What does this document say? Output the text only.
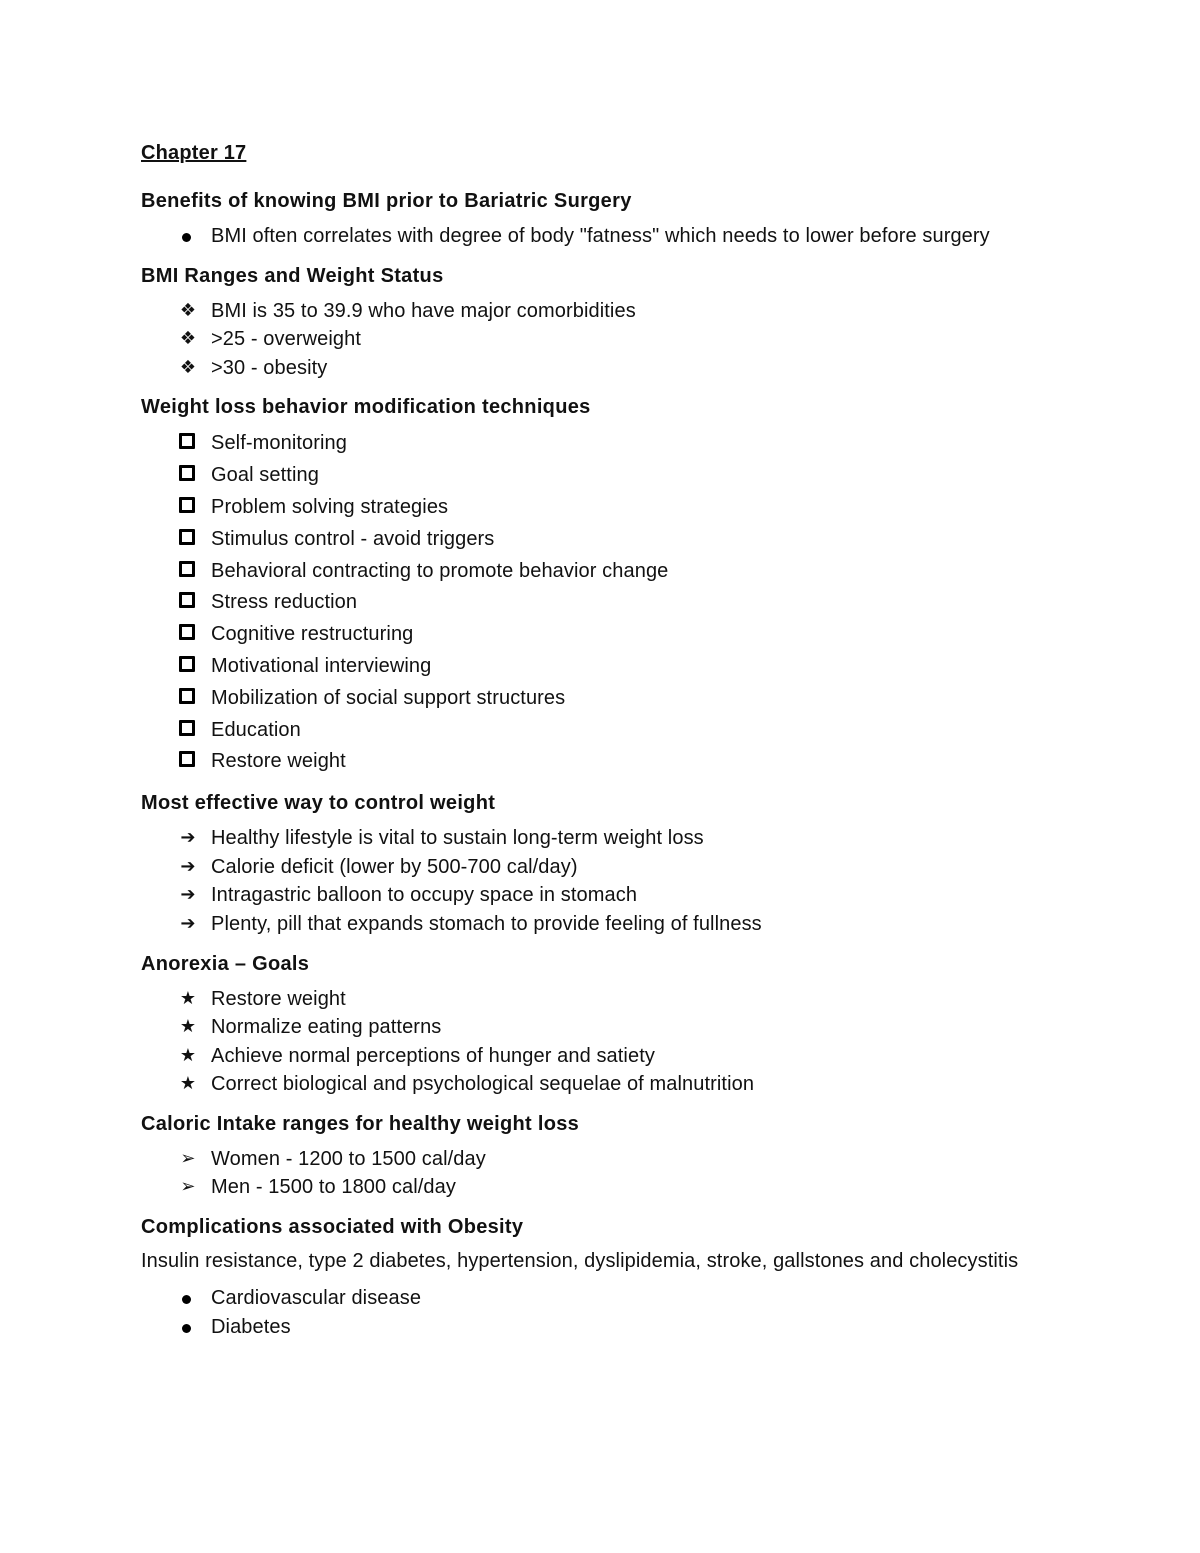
Chapter 17
Benefits of knowing BMI prior to Bariatric Surgery
BMI often correlates with degree of body "fatness" which needs to lower before surgery
BMI Ranges and Weight Status
❖ BMI is 35 to 39.9 who have major comorbidities
❖ >25 - overweight
❖ >30 - obesity
Weight loss behavior modification techniques
Self-monitoring
Goal setting
Problem solving strategies
Stimulus control - avoid triggers
Behavioral contracting to promote behavior change
Stress reduction
Cognitive restructuring
Motivational interviewing
Mobilization of social support structures
Education
Restore weight
Most effective way to control weight
➔ Healthy lifestyle is vital to sustain long-term weight loss
➔ Calorie deficit (lower by 500-700 cal/day)
➔ Intragastric balloon to occupy space in stomach
➔ Plenty, pill that expands stomach to provide feeling of fullness
Anorexia – Goals
★ Restore weight
★ Normalize eating patterns
★ Achieve normal perceptions of hunger and satiety
★ Correct biological and psychological sequelae of malnutrition
Caloric Intake ranges for healthy weight loss
➢ Women - 1200 to 1500 cal/day
➢ Men - 1500 to 1800 cal/day
Complications associated with Obesity
Insulin resistance, type 2 diabetes, hypertension, dyslipidemia, stroke, gallstones and cholecystitis
Cardiovascular disease
Diabetes
